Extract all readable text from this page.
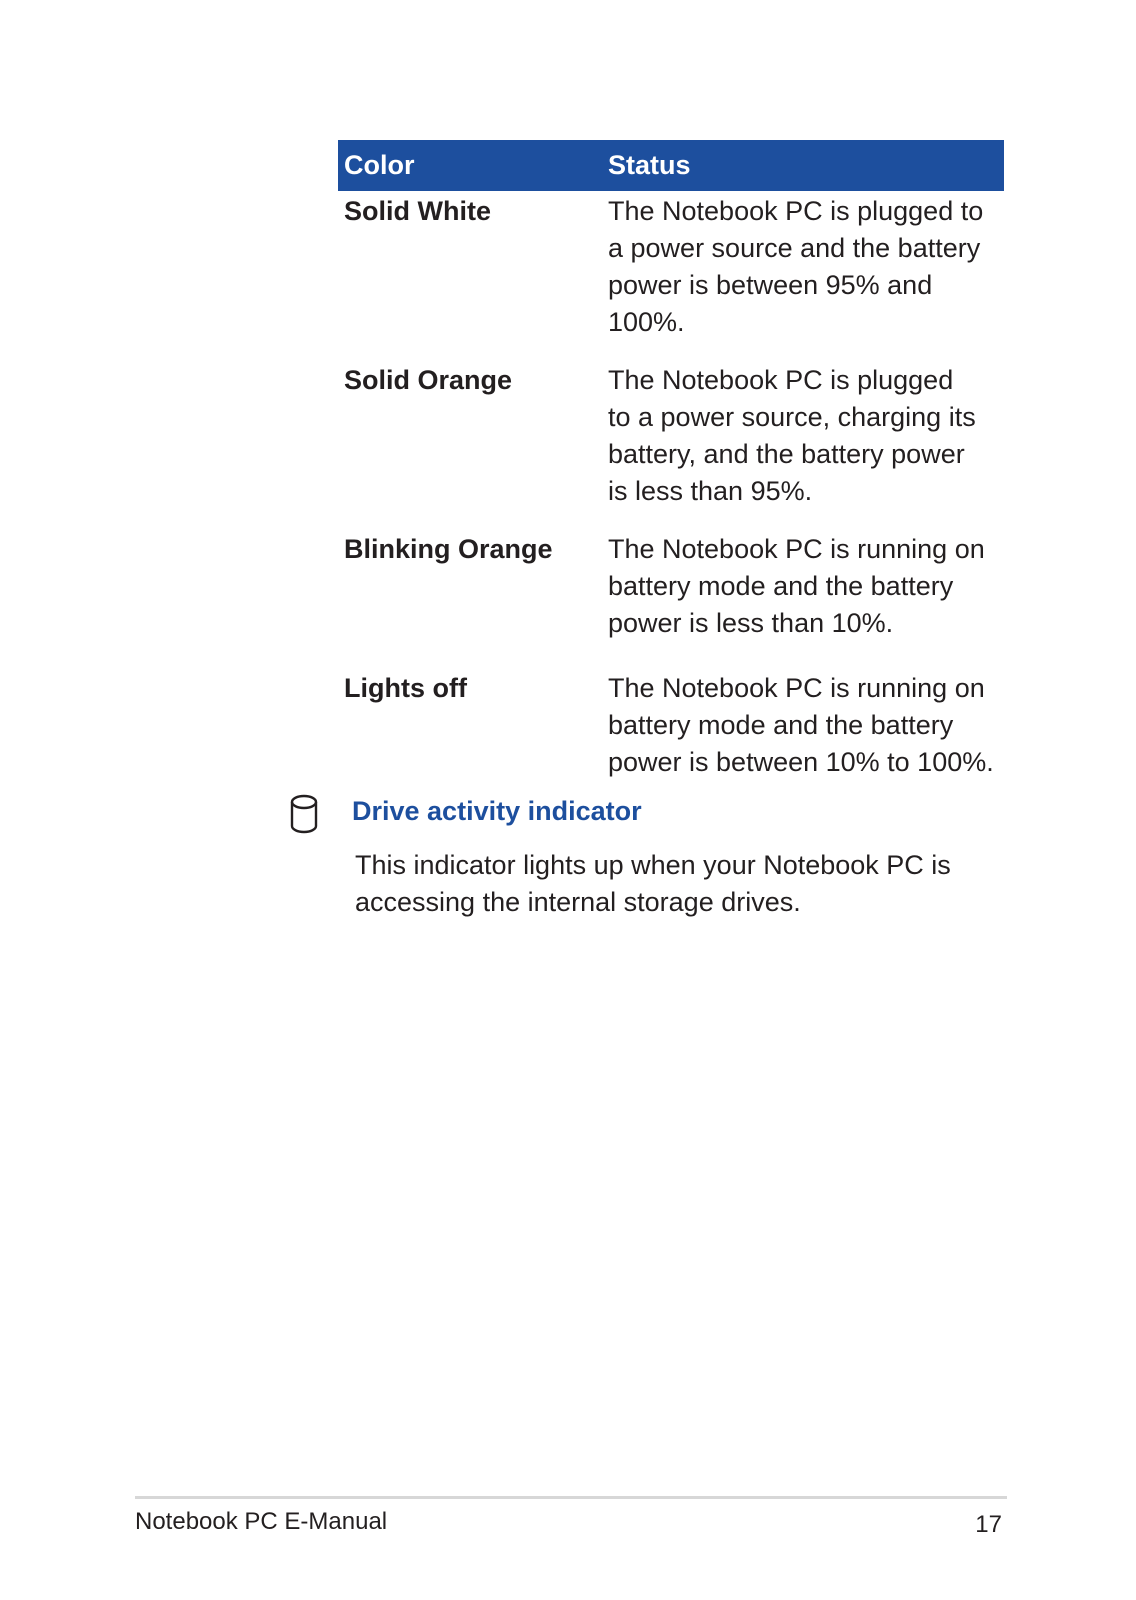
Color	Status
Solid White	The Notebook PC is plugged to
a power source and the battery
power is between 95% and
100%.
Solid Orange	The Notebook PC is plugged
to a power source, charging its
battery, and the battery power
is less than 95%.
Blinking Orange	The Notebook PC is running on
battery mode and the battery
power is less than 10%.
Lights off	The Notebook PC is running on
battery mode and the battery
power is between 10% to 100%.
Drive activity indicator
This indicator lights up when your Notebook PC is
accessing the internal storage drives.
Notebook PC E-Manual	17
